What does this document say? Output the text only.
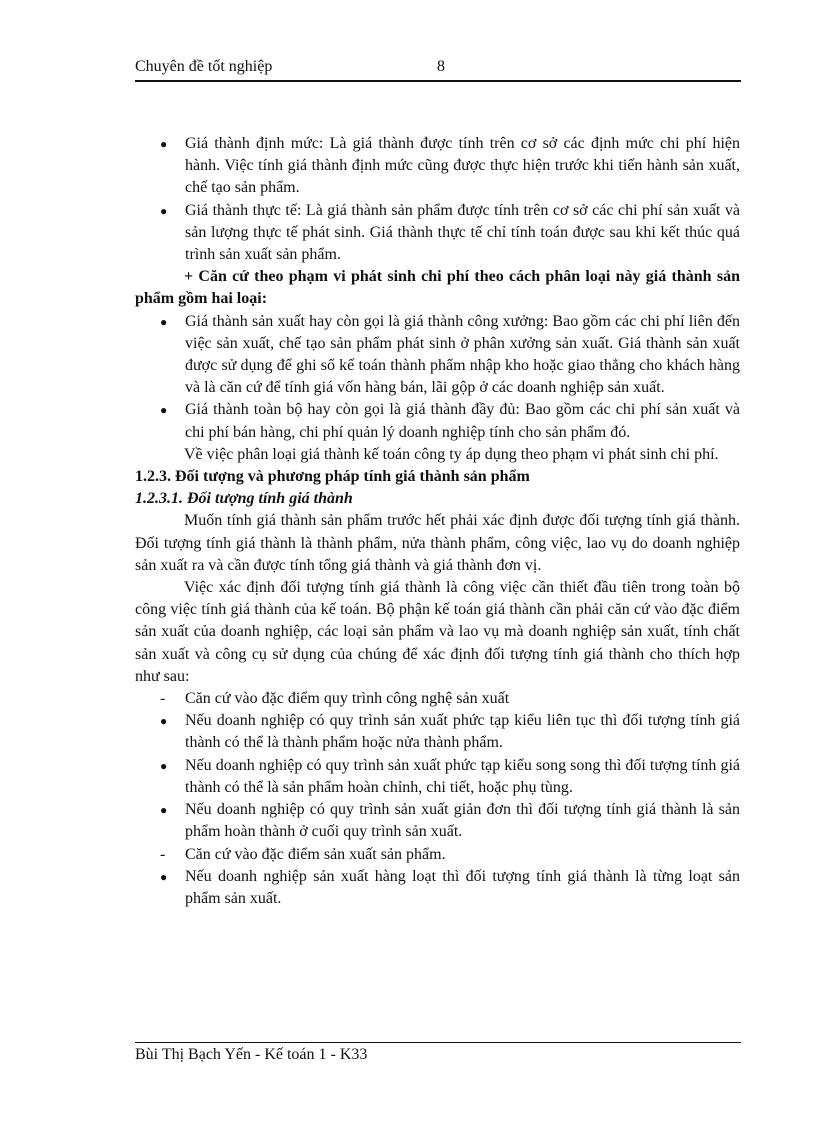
Chuyên đề tốt nghiệp	8
●
Giá thành định mức: Là giá thành được tính trên cơ sở các định mức chi phí hiện hành. Việc tính giá thành định mức cũng được thực hiện trước khi tiến hành sản xuất, chế tạo sản phẩm.
●
Giá thành thực tế: Là giá thành sản phẩm được tính trên cơ sở các chi phí sản xuất và sản lượng thực tế phát sinh. Giá thành thực tế chỉ tính toán được sau khi kết thúc quá trình sản xuất sản phẩm.

+ Căn cứ theo phạm vi phát sinh chi phí theo cách phân loại này giá thành sản phẩm gồm hai loại:

●
Giá thành sản xuất hay còn gọi là giá thành công xưởng: Bao gồm các chi phí liên đến việc sản xuất, chế tạo sản phẩm phát sinh ở phân xưởng sản xuất. Giá thành sản xuất được sử dụng để ghi sổ kế toán thành phẩm nhập kho hoặc giao thẳng cho khách hàng và là căn cứ để tính giá vốn hàng bán, lãi gộp ở các doanh nghiệp sản xuất.
●
Giá thành toàn bộ hay còn gọi là giá thành đầy đủ: Bao gồm các chi phí sản xuất và chi phí bán hàng, chi phí quản lý doanh nghiệp tính cho sản phẩm đó.

Về việc phân loại giá thành kế toán công ty áp dụng theo phạm vi phát sinh chi phí.

1.2.3. Đối tượng và phương pháp tính giá thành sản phẩm

1.2.3.1. Đối tượng tính giá thành

Muốn tính giá thành sản phẩm trước hết phải xác định được đối tượng tính giá thành. Đối tượng tính giá thành là thành phẩm, nửa thành phẩm, công việc, lao vụ do doanh nghiệp sản xuất ra và cần được tính tổng giá thành và giá thành đơn vị.

Việc xác định đối tượng tính giá thành là công việc cần thiết đầu tiên trong toàn bộ công việc tính giá thành của kế toán. Bộ phận kế toán giá thành cần phải căn cứ vào đặc điểm sản xuất của doanh nghiệp, các loại sản phẩm và lao vụ mà doanh nghiệp sản xuất, tính chất sản xuất và công cụ sử dụng của chúng để xác định đối tượng tính giá thành cho thích hợp như sau:

-
Căn cứ vào đặc điểm quy trình công nghệ sản xuất
●
Nếu doanh nghiệp có quy trình sản xuất phức tạp kiểu liên tục thì đối tượng tính giá thành có thể là thành phẩm hoặc nửa thành phẩm.
●
Nếu doanh nghiệp có quy trình sản xuất phức tạp kiểu song song thì đối tượng tính giá thành có thể là sản phẩm hoàn chỉnh, chi tiết, hoặc phụ tùng.
●
Nếu doanh nghiệp có quy trình sản xuất giản đơn thì đối tượng tính giá thành là sản phẩm hoàn thành ở cuối quy trình sản xuất.
-
Căn cứ vào đặc điểm sản xuất sản phẩm.
●
Nếu doanh nghiệp sản xuất hàng loạt thì đối tượng tính giá thành là từng loạt sản phẩm sản xuất.
Bùi Thị Bạch Yến - Kế toán 1 - K33
